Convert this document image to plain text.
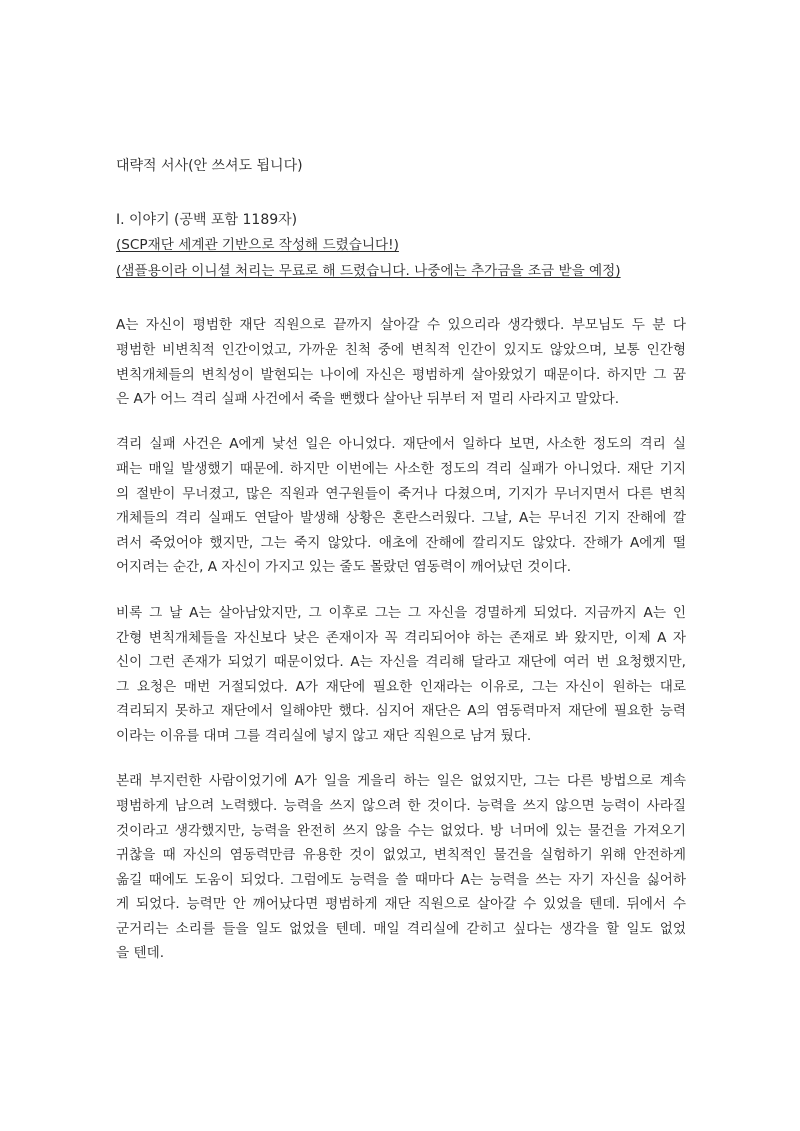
대략적 서사(안 쓰셔도 됩니다)
I. 이야기 (공백 포함 1189자)
(SCP재단 세계관 기반으로 작성해 드렸습니다!)
(샘플용이라 이니셜 처리는 무료로 해 드렸습니다. 나중에는 추가금을 조금 받을 예정)
A는 자신이 평범한 재단 직원으로 끝까지 살아갈 수 있으리라 생각했다. 부모님도 두 분 다
평범한 비변칙적 인간이었고, 가까운 친척 중에 변칙적 인간이 있지도 않았으며, 보통 인간형
변칙개체들의 변칙성이 발현되는 나이에 자신은 평범하게 살아왔었기 때문이다. 하지만 그 꿈
은 A가 어느 격리 실패 사건에서 죽을 뻔했다 살아난 뒤부터 저 멀리 사라지고 말았다.
격리 실패 사건은 A에게 낯선 일은 아니었다. 재단에서 일하다 보면, 사소한 정도의 격리 실
패는 매일 발생했기 때문에. 하지만 이번에는 사소한 정도의 격리 실패가 아니었다. 재단 기지
의 절반이 무너졌고, 많은 직원과 연구원들이 죽거나 다쳤으며, 기지가 무너지면서 다른 변칙
개체들의 격리 실패도 연달아 발생해 상황은 혼란스러웠다. 그날, A는 무너진 기지 잔해에 깔
려서 죽었어야 했지만, 그는 죽지 않았다. 애초에 잔해에 깔리지도 않았다. 잔해가 A에게 떨
어지려는 순간, A 자신이 가지고 있는 줄도 몰랐던 염동력이 깨어났던 것이다.
비록 그 날 A는 살아남았지만, 그 이후로 그는 그 자신을 경멸하게 되었다. 지금까지 A는 인
간형 변칙개체들을 자신보다 낮은 존재이자 꼭 격리되어야 하는 존재로 봐 왔지만, 이제 A 자
신이 그런 존재가 되었기 때문이었다. A는 자신을 격리해 달라고 재단에 여러 번 요청했지만,
그 요청은 매번 거절되었다. A가 재단에 필요한 인재라는 이유로, 그는 자신이 원하는 대로
격리되지 못하고 재단에서 일해야만 했다. 심지어 재단은 A의 염동력마저 재단에 필요한 능력
이라는 이유를 대며 그를 격리실에 넣지 않고 재단 직원으로 남겨 뒀다.
본래 부지런한 사람이었기에 A가 일을 게을리 하는 일은 없었지만, 그는 다른 방법으로 계속
평범하게 남으려 노력했다. 능력을 쓰지 않으려 한 것이다. 능력을 쓰지 않으면 능력이 사라질
것이라고 생각했지만, 능력을 완전히 쓰지 않을 수는 없었다. 방 너머에 있는 물건을 가져오기
귀찮을 때 자신의 염동력만큼 유용한 것이 없었고, 변칙적인 물건을 실험하기 위해 안전하게
옮길 때에도 도움이 되었다. 그럼에도 능력을 쓸 때마다 A는 능력을 쓰는 자기 자신을 싫어하
게 되었다. 능력만 안 깨어났다면 평범하게 재단 직원으로 살아갈 수 있었을 텐데. 뒤에서 수
군거리는 소리를 들을 일도 없었을 텐데. 매일 격리실에 갇히고 싶다는 생각을 할 일도 없었
을 텐데.
